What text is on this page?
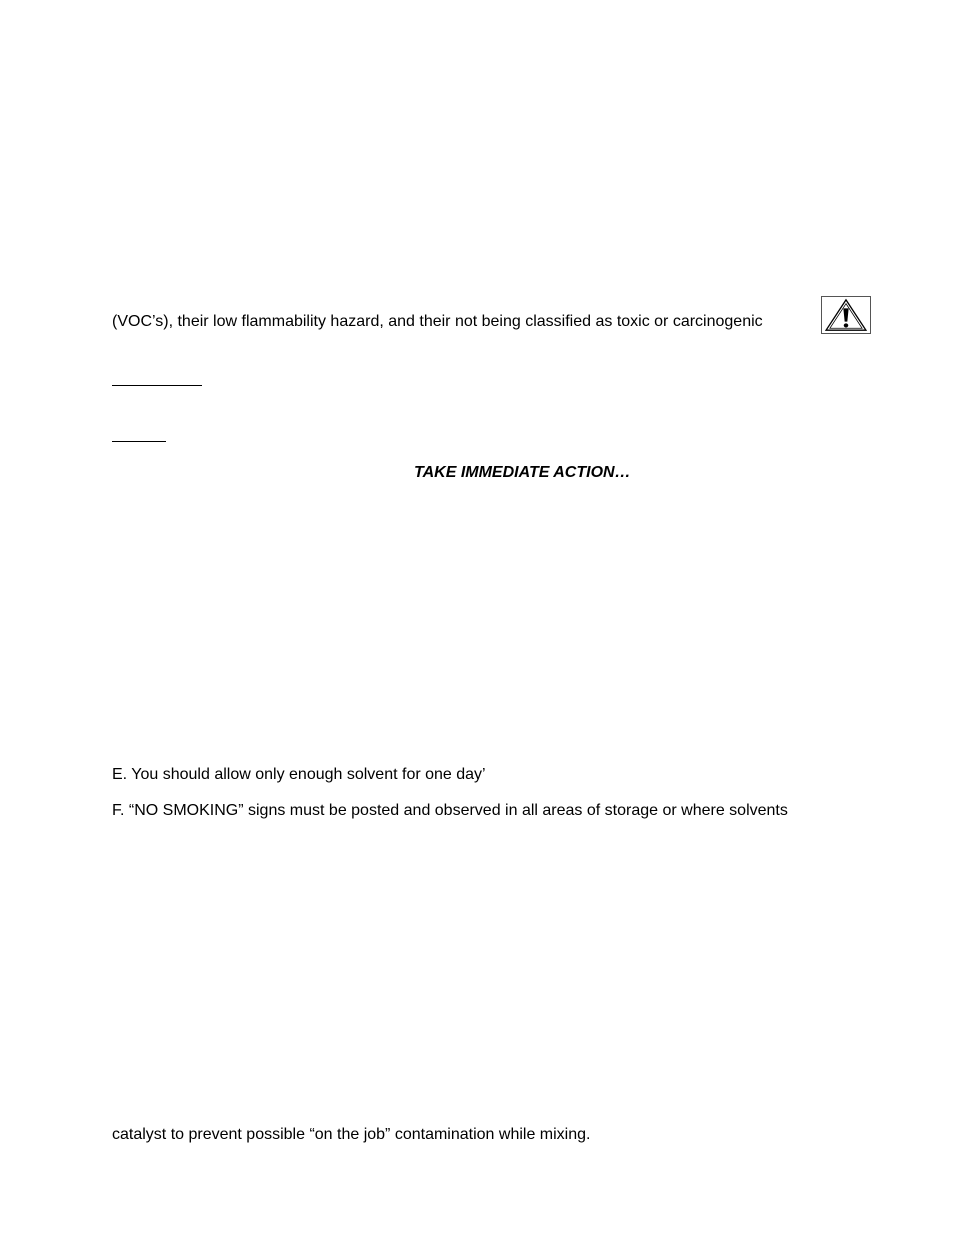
(VOC’s), their low flammability hazard, and their not being classified as toxic or carcinogenic
TAKE IMMEDIATE ACTION…
E. You should allow only enough solvent for one day’
F. “NO SMOKING” signs must be posted and observed in all areas of storage or where solvents
catalyst to prevent possible “on the job” contamination while mixing.
